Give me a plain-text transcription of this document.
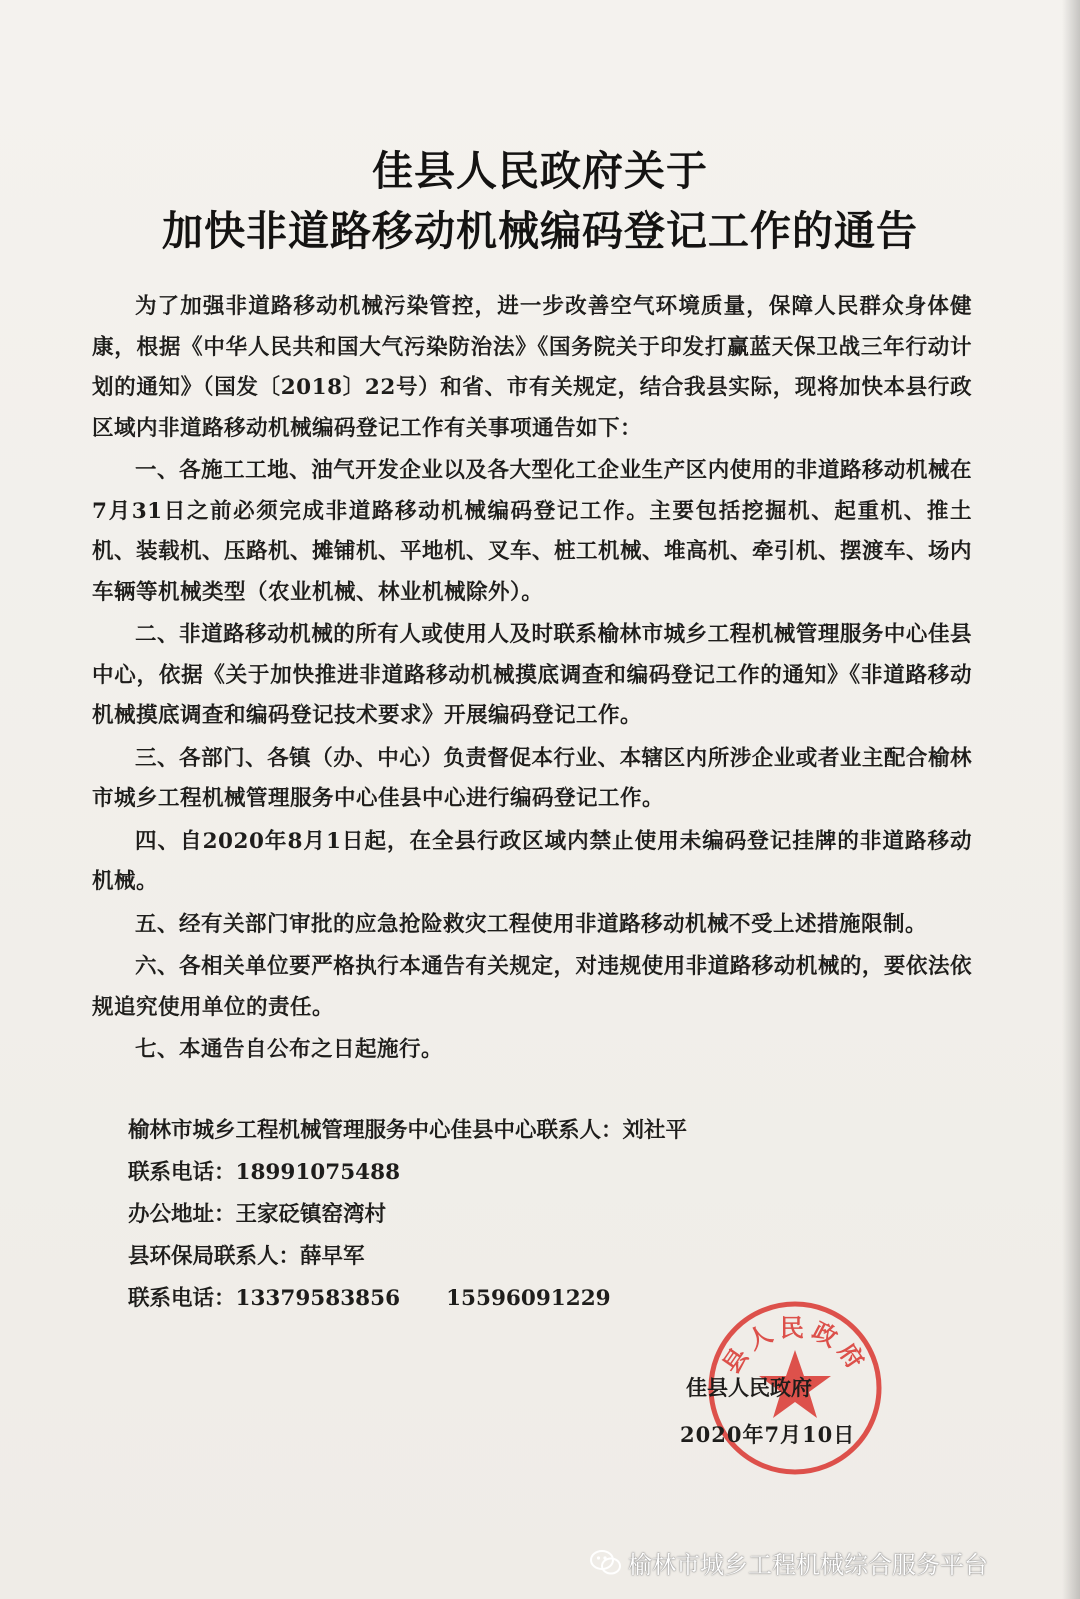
佳县人民政府关于
加快非道路移动机械编码登记工作的通告

为了加强非道路移动机械污染管控，进一步改善空气环境质量，保障人民群众身体健康，根据《中华人民共和国大气污染防治法》《国务院关于印发打赢蓝天保卫战三年行动计划的通知》（国发〔2018〕22号）和省、市有关规定，结合我县实际，现将加快本县行政区域内非道路移动机械编码登记工作有关事项通告如下：

一、各施工工地、油气开发企业以及各大型化工企业生产区内使用的非道路移动机械在7月31日之前必须完成非道路移动机械编码登记工作。主要包括挖掘机、起重机、推土机、装载机、压路机、摊铺机、平地机、叉车、桩工机械、堆高机、牵引机、摆渡车、场内车辆等机械类型（农业机械、林业机械除外）。

二、非道路移动机械的所有人或使用人及时联系榆林市城乡工程机械管理服务中心佳县中心，依据《关于加快推进非道路移动机械摸底调查和编码登记工作的通知》《非道路移动机械摸底调查和编码登记技术要求》开展编码登记工作。

三、各部门、各镇（办、中心）负责督促本行业、本辖区内所涉企业或者业主配合榆林市城乡工程机械管理服务中心佳县中心进行编码登记工作。

四、自2020年8月1日起，在全县行政区域内禁止使用未编码登记挂牌的非道路移动机械。

五、经有关部门审批的应急抢险救灾工程使用非道路移动机械不受上述措施限制。

六、各相关单位要严格执行本通告有关规定，对违规使用非道路移动机械的，要依法依规追究使用单位的责任。

七、本通告自公布之日起施行。

榆林市城乡工程机械管理服务中心佳县中心联系人：刘社平
联系电话：18991075488
办公地址：王家砭镇窑湾村
县环保局联系人：薛早军
联系电话：13379583856 15596091229
县人民政府
佳县人民政府
2020年7月10日
榆林市城乡工程机械综合服务平台
